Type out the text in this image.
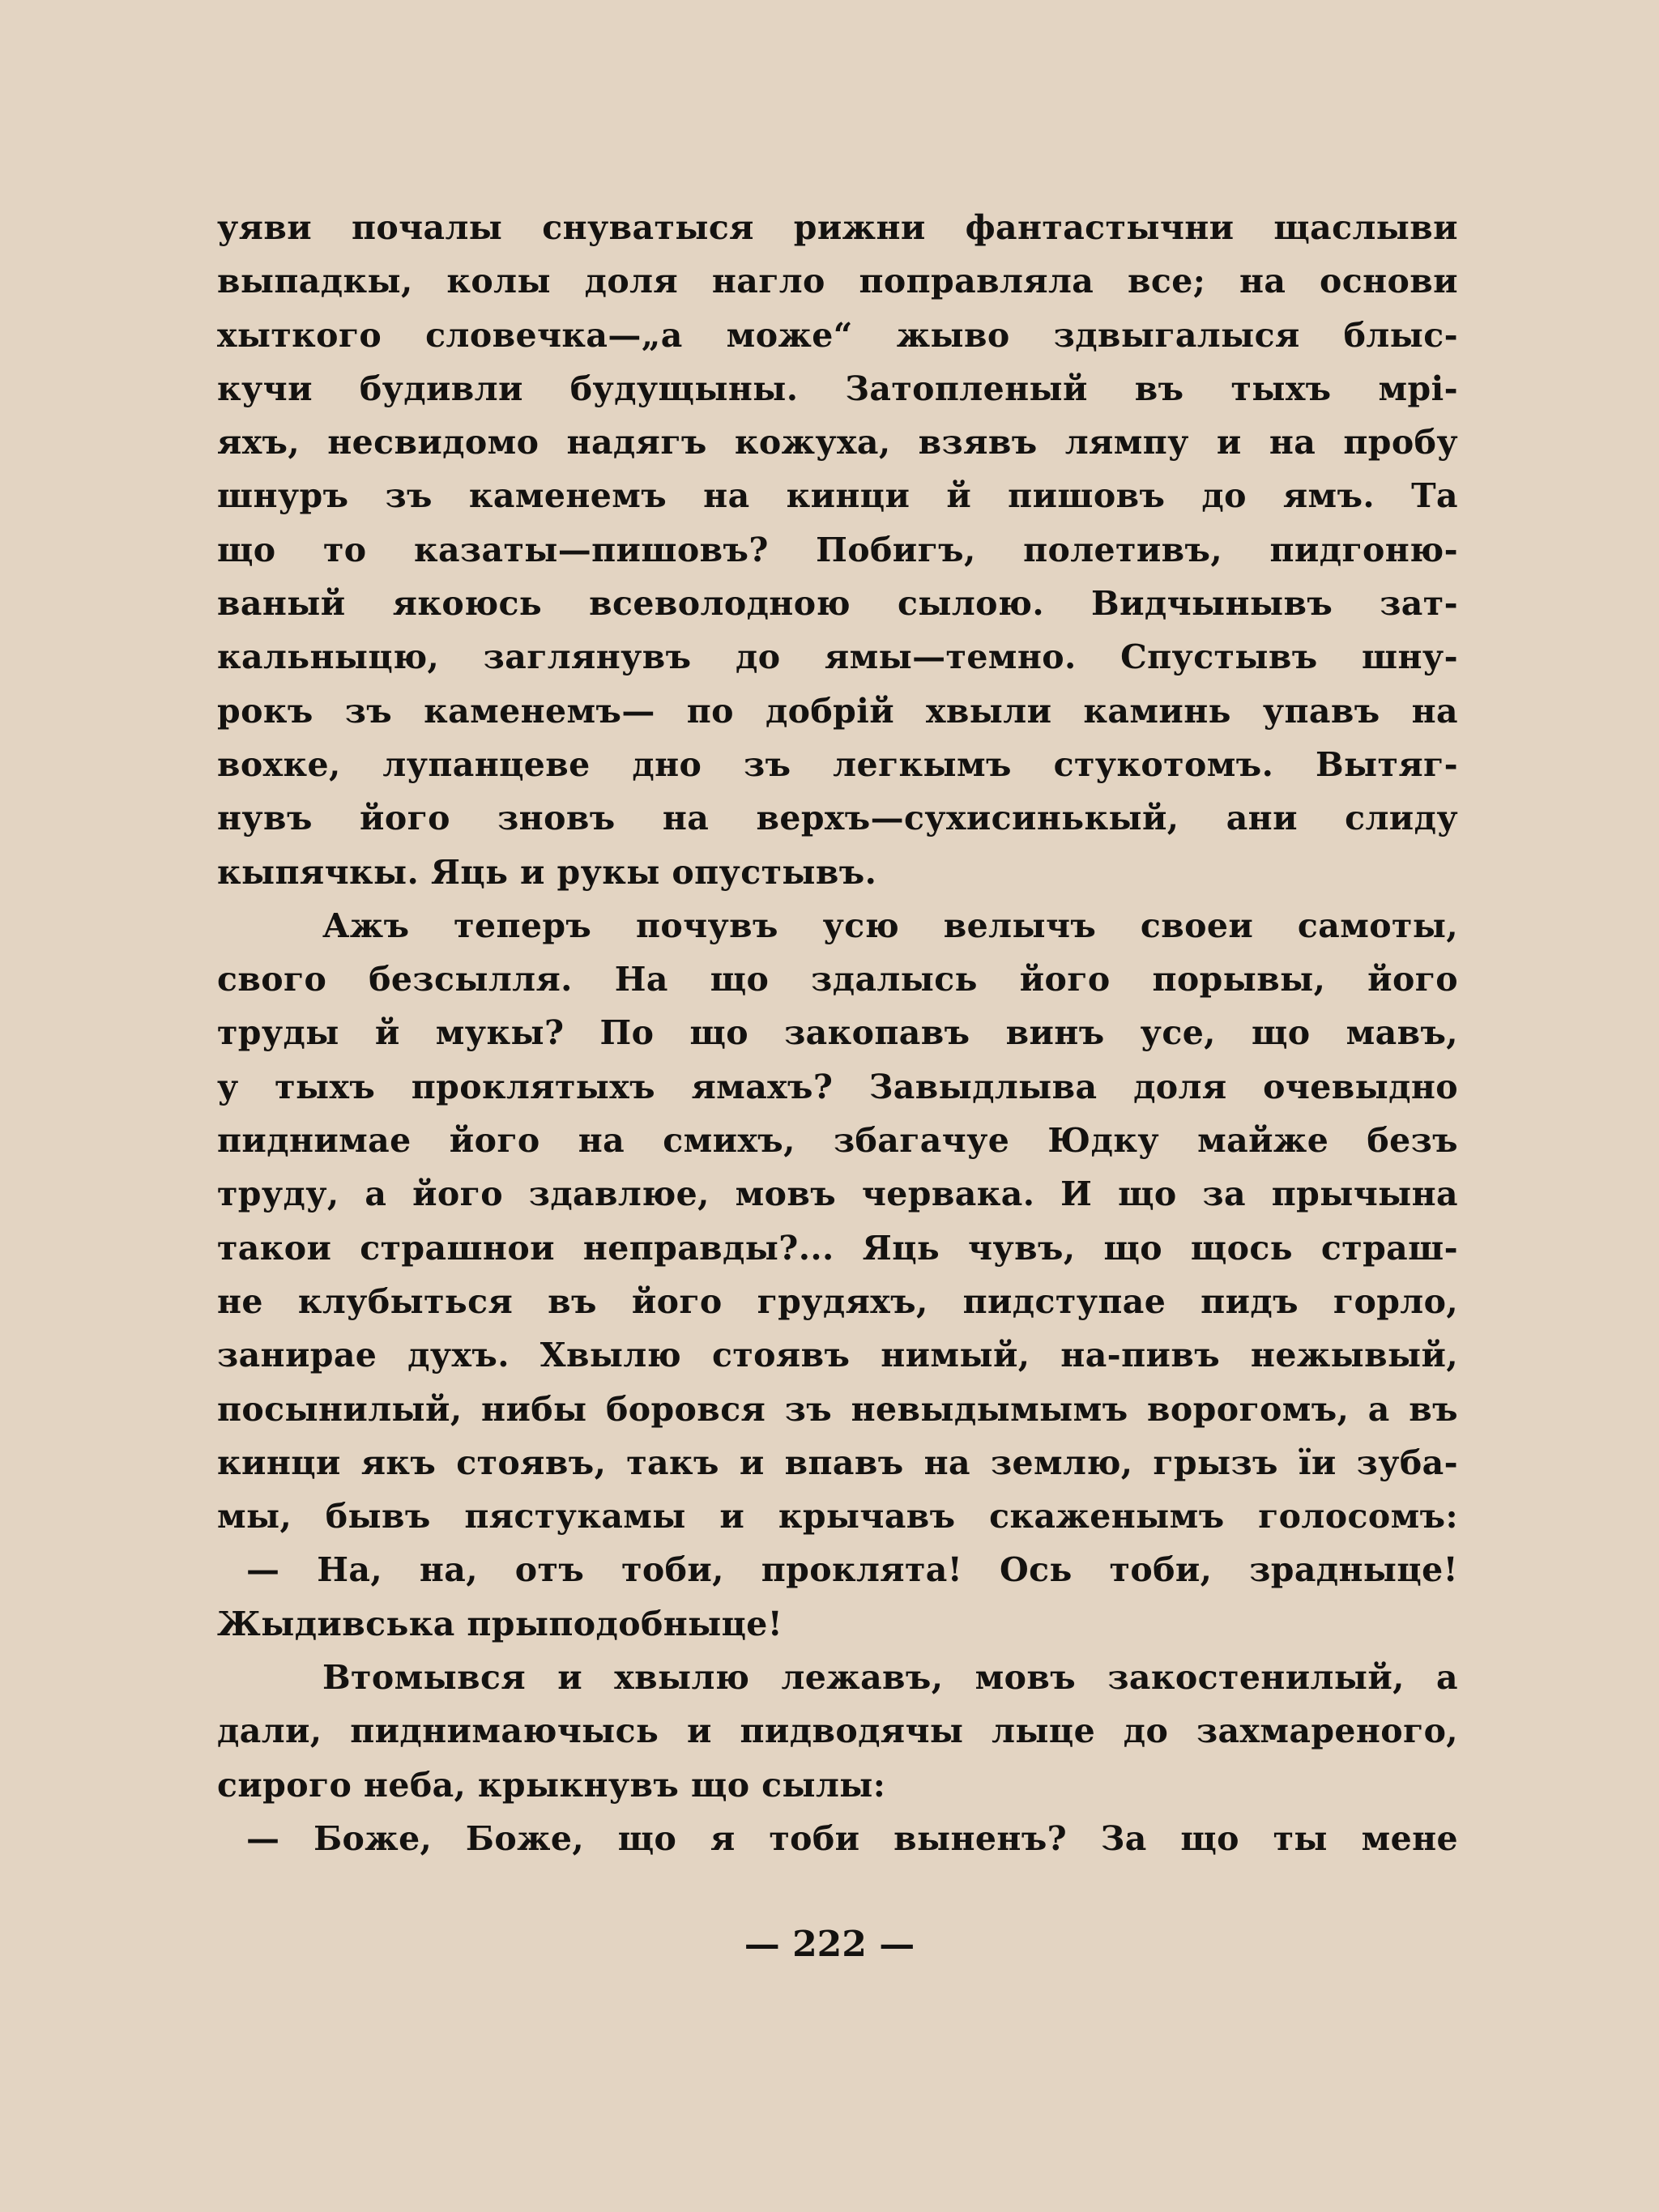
уяви почалы снуватыся рижни фантастычни щаслыви
выпадкы, колы доля нагло поправляла все; на основи
хыткого словечка—„а може“ жыво здвыгалыся блыс-
кучи будивли будущыны. Затопленый въ тыхъ мрі-
яхъ, несвидомо надягъ кожуха, взявъ лямпу и на пробу
шнуръ зъ каменемъ на кинци й пишовъ до ямъ. Та
що то казаты—пишовъ? Побигъ, полетивъ, пидгоню-
ваный якоюсь всеволодною сылою. Видчынывъ зат-
кальныцю, заглянувъ до ямы—темно. Спустывъ шну-
рокъ зъ каменемъ— по добрій хвыли каминь упавъ на
вохке, лупанцеве дно зъ легкымъ стукотомъ. Вытяг-
нувъ його зновъ на верхъ—сухисинькый, ани слиду
кыпячкы. Яць и рукы опустывъ.
Ажъ теперъ почувъ усю велычъ своеи самоты,
свого безсылля. На що здалысь його порывы, його
труды й мукы? По що закопавъ винъ усе, що мавъ,
у тыхъ проклятыхъ ямахъ? Завыдлыва доля очевыдно
пиднимае його на смихъ, збагачуе Юдку майже безъ
труду, а його здавлюе, мовъ червака. И що за прычына
такои страшнои неправды?... Яць чувъ, що щось страш-
не клубыться въ його грудяхъ, пидступае пидъ горло,
занирае духъ. Хвылю стоявъ нимый, на-пивъ нежывый,
посынилый, нибы боровся зъ невыдымымъ ворогомъ, а въ
кинци якъ стоявъ, такъ и впавъ на землю, грызъ ïи зуба-
мы, бывъ пястукамы и крычавъ скаженымъ голосомъ:
— На, на, отъ тоби, проклята! Ось тоби, зрадныце!
Жыдивська прыподобныце!
Втомывся и хвылю лежавъ, мовъ закостенилый, а
дали, пиднимаючысь и пидводячы лыце до захмареного,
сирого неба, крыкнувъ що сылы:
— Боже, Боже, що я тоби выненъ? За що ты мене
— 222 —
